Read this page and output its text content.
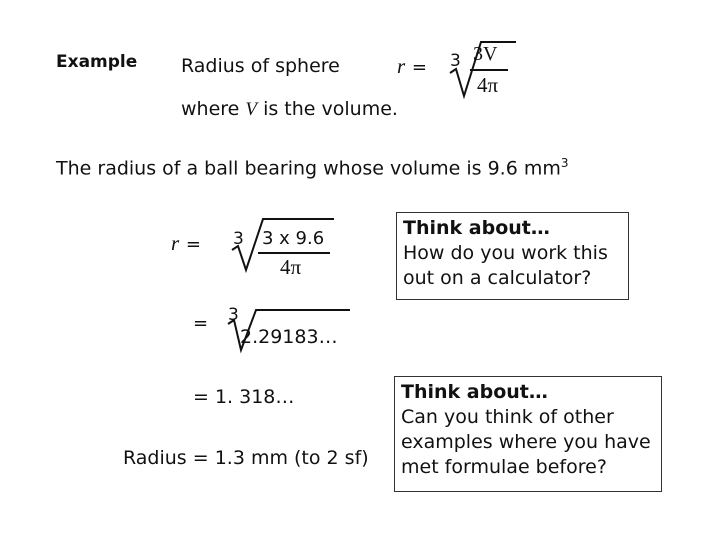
Example Radius of sphere	r = 3 3V
4π
where V is the volume.
The radius of a ball bearing whose volume is 9.6 $mm^3$
r = 3 3 x 9.6
4π
= 3
2.29183…
= 1. 318…
Radius = 1.3 mm (to 2 sf)
Think about…
How do you work this
out on a calculator?
Think about…
Can you think of other
examples where you have
met formulae before?
